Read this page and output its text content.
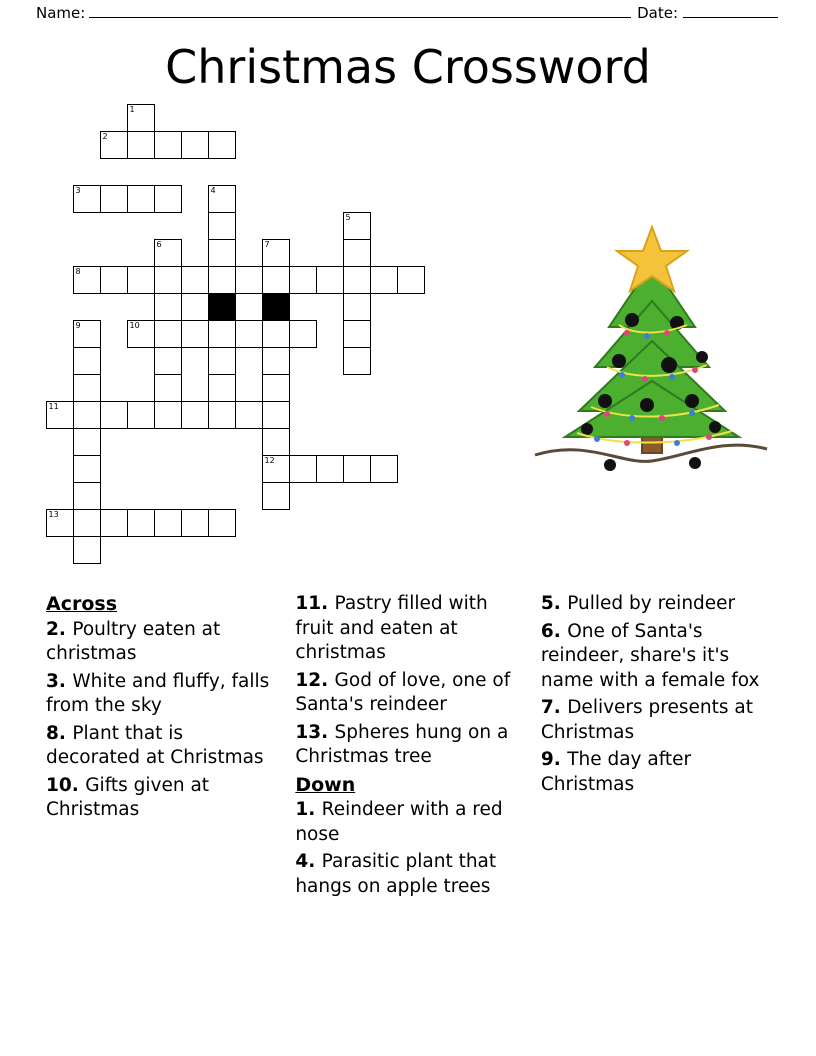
Name:	Date:
Christmas Crossword
1
2
3	4
5
6	7
8
9	10
11
12
13
Across
2. Poultry eaten at christmas
3. White and fluffy, falls from the sky
8. Plant that is decorated at Christmas
10. Gifts given at Christmas
11. Pastry filled with fruit and eaten at christmas
12. God of love, one of Santa's reindeer
13. Spheres hung on a Christmas tree
Down
1. Reindeer with a red nose
4. Parasitic plant that hangs on apple trees
5. Pulled by reindeer
6. One of Santa's reindeer, share's it's name with a female fox
7. Delivers presents at Christmas
9. The day after Christmas
